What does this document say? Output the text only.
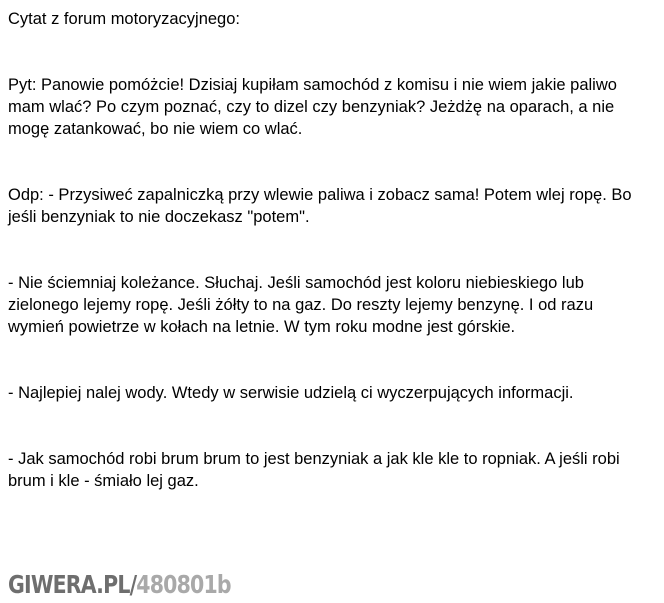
Cytat z forum motoryzacyjnego:

Pyt: Panowie pomóżcie! Dzisiaj kupiłam samochód z komisu i nie wiem jakie paliwo mam wlać? Po czym poznać, czy to dizel czy benzyniak? Jeżdżę na oparach, a nie mogę zatankować, bo nie wiem co wlać.

Odp: - Przysiweć zapalniczką przy wlewie paliwa i zobacz sama! Potem wlej ropę. Bo jeśli benzyniak to nie doczekasz "potem".

- Nie ściemniaj koleżance. Słuchaj. Jeśli samochód jest koloru niebieskiego lub zielonego lejemy ropę. Jeśli żółty to na gaz. Do reszty lejemy benzynę. I od razu wymień powietrze w kołach na letnie. W tym roku modne jest górskie.

- Najlepiej nalej wody. Wtedy w serwisie udzielą ci wyczerpujących informacji.

- Jak samochód robi brum brum to jest benzyniak a jak kle kle to ropniak. A jeśli robi brum i kle - śmiało lej gaz.

GIWERA.PL/480801b
